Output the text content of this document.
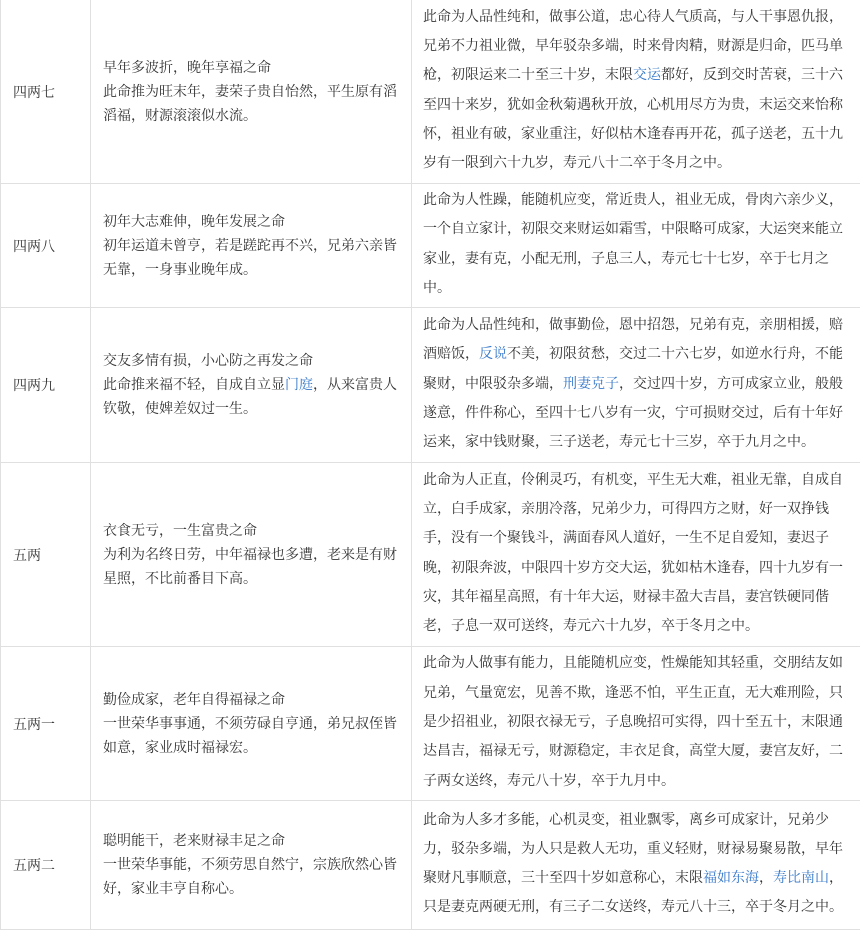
四两七	早年多波折，晚年享福之命
此命推为旺末年，妻荣子贵自怡然，平生原有滔滔福，财源滚滚似水流。	此命为人品性纯和，做事公道，忠心待人气质高，与人干事恩仇报，兄弟不力祖业微，早年驳杂多端，时来骨肉精，财源是归命，匹马单枪，初限运来二十至三十岁，末限交运都好，反到交时苦衰，三十六至四十来岁，犹如金秋菊遇秋开放，心机用尽方为贵，末运交来怡称怀，祖业有破，家业重注，好似枯木逢春再开花，孤子送老，五十九岁有一限到六十九岁，寿元八十二卒于冬月之中。

四两八	初年大志难伸，晚年发展之命
初年运道未曾亨，若是蹉跎再不兴，兄弟六亲皆无靠，一身事业晚年成。	此命为人性躁，能随机应变，常近贵人，祖业无成，骨肉六亲少义，一个自立家计，初限交来财运如霜雪，中限略可成家，大运突来能立家业，妻有克，小配无刑，子息三人，寿元七十七岁，卒于七月之中。

四两九	交友多情有损，小心防之再发之命
此命推来福不轻，自成自立显门庭，从来富贵人钦敬，使婢差奴过一生。	此命为人品性纯和，做事勤俭，恩中招怨，兄弟有克，亲朋相援，赔酒赔饭，反说不美，初限贫愁，交过二十六七岁，如逆水行舟，不能聚财，中限驳杂多端，刑妻克子，交过四十岁，方可成家立业，般般遂意，件件称心，至四十七八岁有一灾，宁可损财交过，后有十年好运来，家中钱财聚，三子送老，寿元七十三岁，卒于九月之中。

五两	衣食无亏，一生富贵之命
为利为名终日劳，中年福禄也多遭，老来是有财星照，不比前番目下高。	此命为人正直，伶俐灵巧，有机变，平生无大难，祖业无靠，自成自立，白手成家，亲朋冷落，兄弟少力，可得四方之财，好一双挣钱手，没有一个聚钱斗，满面春风人道好，一生不足自爱知，妻迟子晚，初限奔波，中限四十岁方交大运，犹如枯木逢春，四十九岁有一灾，其年福星高照，有十年大运，财禄丰盈大吉昌，妻宫铁硬同偕老，子息一双可送终，寿元六十九岁，卒于冬月之中。

五两一	勤俭成家，老年自得福禄之命
一世荣华事事通，不须劳碌自亨通，弟兄叔侄皆如意，家业成时福禄宏。	此命为人做事有能力，且能随机应变，性燥能知其轻重，交朋结友如兄弟，气量宽宏，见善不欺，逢恶不怕，平生正直，无大难刑险，只是少招祖业，初限衣禄无亏，子息晚招可实得，四十至五十，末限通达昌吉，福禄无亏，财源稳定，丰衣足食，高堂大厦，妻宫友好，二子两女送终，寿元八十岁，卒于九月中。

五两二	聪明能干，老来财禄丰足之命
一世荣华事能，不须劳思自然宁，宗族欣然心皆好，家业丰亨自称心。	此命为人多才多能，心机灵变，祖业飘零，离乡可成家计，兄弟少力，驳杂多端，为人只是救人无功，重义轻财，财禄易聚易散，早年聚财凡事顺意，三十至四十岁如意称心，末限福如东海，寿比南山，只是妻克两硬无刑，有三子二女送终，寿元八十三，卒于冬月之中。
